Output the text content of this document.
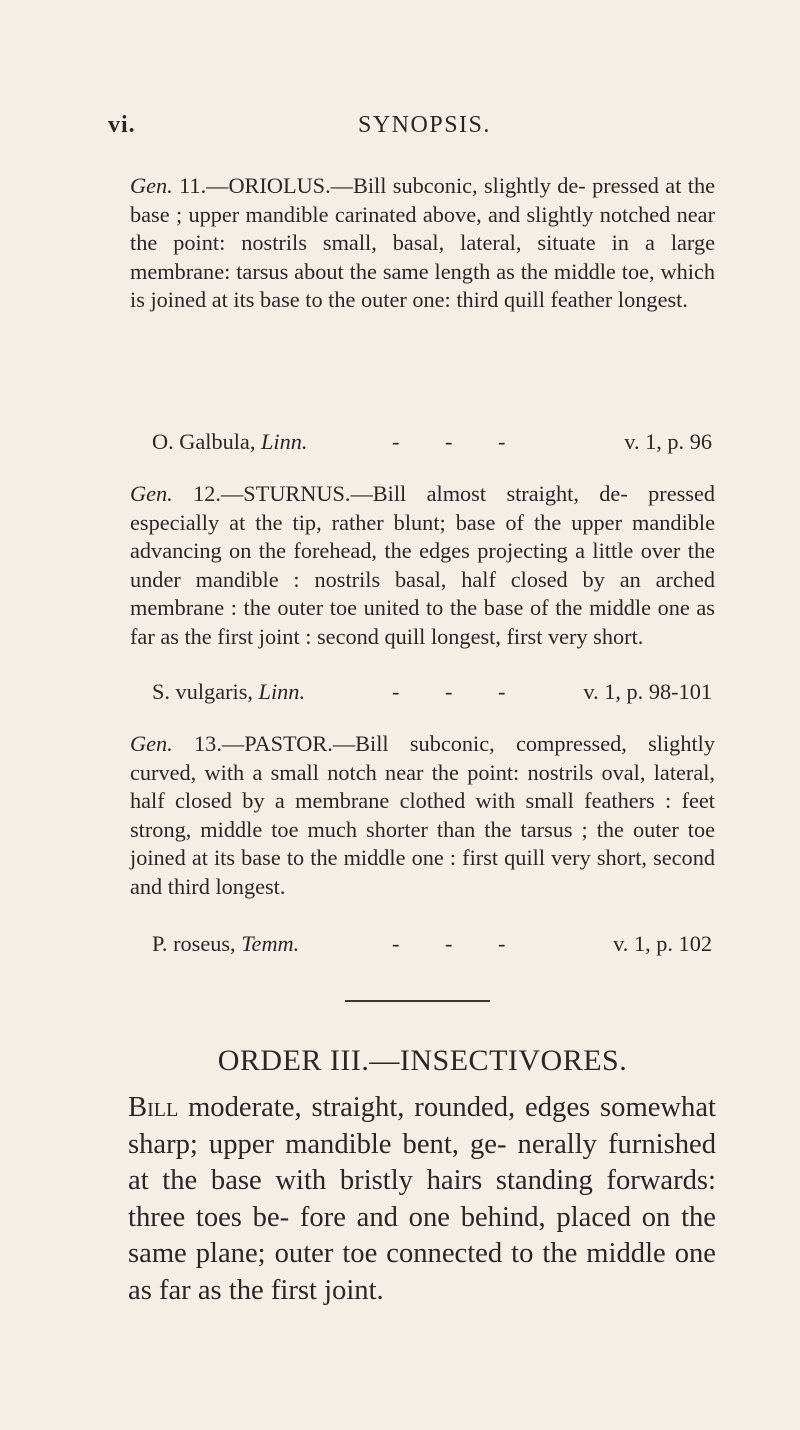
vi.	SYNOPSIS.

Gen. 11.—ORIOLUS.—Bill subconic, slightly de- pressed at the base ; upper mandible carinated above, and slightly notched near the point: nostrils small, basal, lateral, situate in a large membrane: tarsus about the same length as the middle toe, which is joined at its base to the outer one: third quill feather longest.

O. Galbula, Linn.	- - -	v. 1, p. 96

Gen. 12.—STURNUS.—Bill almost straight, de- pressed especially at the tip, rather blunt; base of the upper mandible advancing on the forehead, the edges projecting a little over the under mandible : nostrils basal, half closed by an arched membrane : the outer toe united to the base of the middle one as far as the first joint : second quill longest, first very short.

S. vulgaris, Linn.	- - -	v. 1, p. 98-101

Gen. 13.—PASTOR.—Bill subconic, compressed, slightly curved, with a small notch near the point: nostrils oval, lateral, half closed by a membrane clothed with small feathers : feet strong, middle toe much shorter than the tarsus ; the outer toe joined at its base to the middle one : first quill very short, second and third longest.

P. roseus, Temm.	- - -	v. 1, p. 102
ORDER III.—INSECTIVORES.

Bill moderate, straight, rounded, edges somewhat sharp; upper mandible bent, ge- nerally furnished at the base with bristly hairs standing forwards: three toes be- fore and one behind, placed on the same plane; outer toe connected to the middle one as far as the first joint.
